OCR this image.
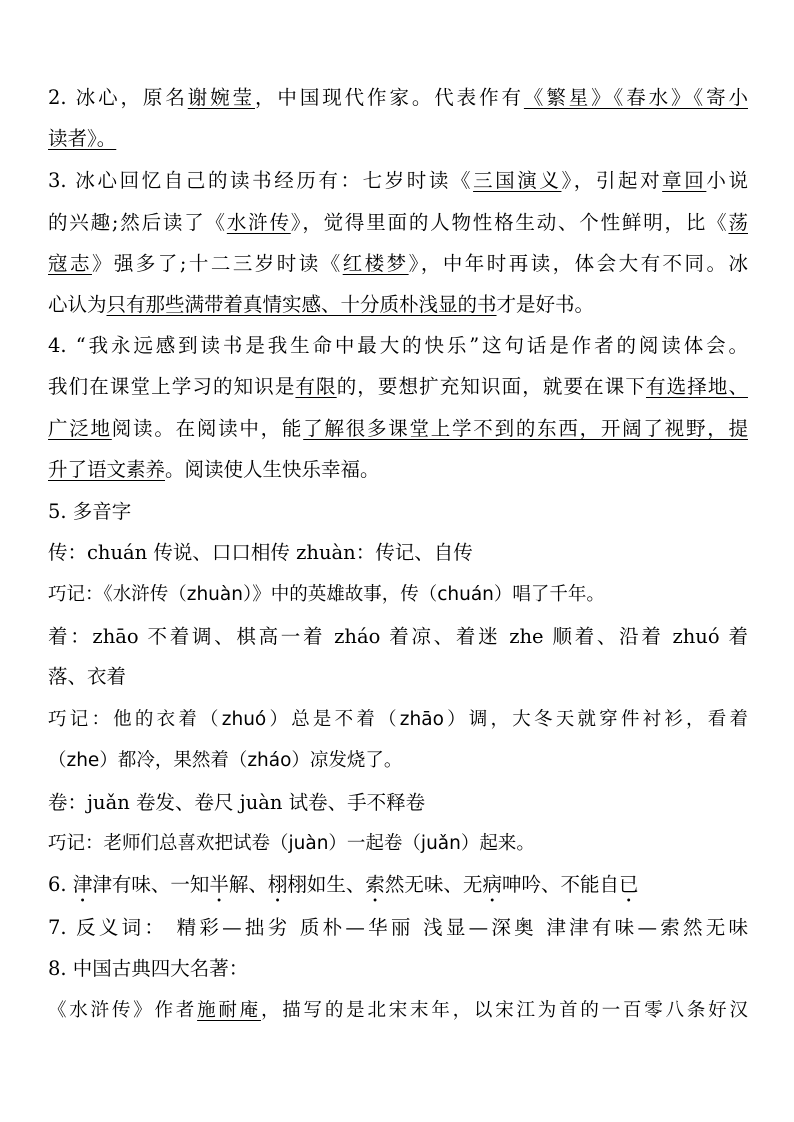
2. 冰心，原名谢婉莹，中国现代作家。代表作有《繁星》《春水》《寄小
读者》。
3. 冰心回忆自己的读书经历有：七岁时读《三国演义》，引起对章回小说
的兴趣;然后读了《水浒传》，觉得里面的人物性格生动、个性鲜明，比《荡
寇志》强多了;十二三岁时读《红楼梦》，中年时再读，体会大有不同。冰
心认为只有那些满带着真情实感、十分质朴浅显的书才是好书。
4. “我永远感到读书是我生命中最大的快乐”这句话是作者的阅读体会。
我们在课堂上学习的知识是有限的，要想扩充知识面，就要在课下有选择地、
广泛地阅读。在阅读中，能了解很多课堂上学不到的东西，开阔了视野，提
升了语文素养。阅读使人生快乐幸福。
5. 多音字
传：chuán 传说、口口相传 zhuàn：传记、自传
巧记：《水浒传（zhuàn）》中的英雄故事，传（chuán）唱了千年。
着：zhāo 不着调、棋高一着 zháo 着凉、着迷 zhe 顺着、沿着 zhuó 着
落、衣着
巧记：他的衣着（zhuó）总是不着（zhāo）调，大冬天就穿件衬衫，看着
（zhe）都冷，果然着（zháo）凉发烧了。
卷：juǎn 卷发、卷尺 juàn 试卷、手不释卷
巧记：老师们总喜欢把试卷（juàn）一起卷（juǎn）起来。
6. 津津有味、一知半解、栩栩如生、索然无味、无病呻吟、不能自已
7. 反义词： 精彩—拙劣 质朴—华丽 浅显—深奥 津津有味—索然无味
8. 中国古典四大名著：
《水浒传》作者施耐庵，描写的是北宋末年，以宋江为首的一百零八条好汉
